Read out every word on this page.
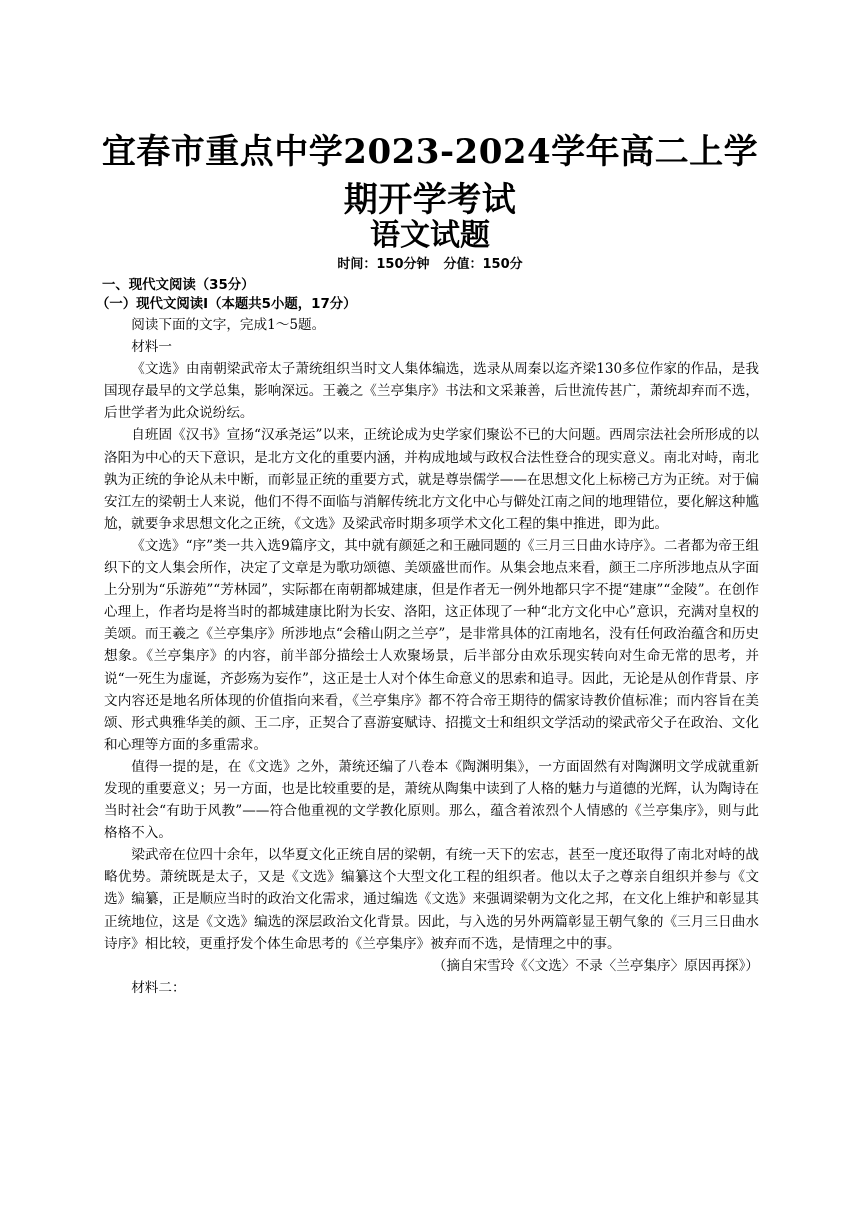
宜春市重点中学2023-2024学年高二上学期开学考试
语文试题
时间：150分钟 分值：150分

一、现代文阅读（35分）

（一）现代文阅读Ⅰ（本题共5小题，17分）

阅读下面的文字，完成1～5题。

材料一

《文选》由南朝梁武帝太子萧统组织当时文人集体编选，选录从周秦以迄齐梁130多位作家的作品，是我国现存最早的文学总集，影响深远。王羲之《兰亭集序》书法和文采兼善，后世流传甚广，萧统却弃而不选，后世学者为此众说纷纭。

自班固《汉书》宣扬“汉承尧运”以来，正统论成为史学家们聚讼不已的大问题。西周宗法社会所形成的以洛阳为中心的天下意识，是北方文化的重要内涵，并构成地域与政权合法性登合的现实意义。南北对峙，南北孰为正统的争论从未中断，而彰显正统的重要方式，就是尊崇儒学——在思想文化上标榜己方为正统。对于偏安江左的梁朝士人来说，他们不得不面临与消解传统北方文化中心与僻处江南之间的地理错位，要化解这种尴尬，就要争求思想文化之正统，《文选》及梁武帝时期多项学术文化工程的集中推进，即为此。

《文选》“序”类一共入选9篇序文，其中就有颜延之和王融同题的《三月三日曲水诗序》。二者都为帝王组织下的文人集会所作，决定了文章是为歌功颂德、美颂盛世而作。从集会地点来看，颜王二序所涉地点从字面上分别为“乐游苑”“芳林园”，实际都在南朝都城建康，但是作者无一例外地都只字不提“建康”“金陵”。在创作心理上，作者均是将当时的都城建康比附为长安、洛阳，这正体现了一种“北方文化中心”意识，充满对皇权的美颂。而王羲之《兰亭集序》所涉地点“会稽山阴之兰亭”，是非常具体的江南地名，没有任何政治蕴含和历史想象。《兰亭集序》的内容，前半部分描绘士人欢聚场景，后半部分由欢乐现实转向对生命无常的思考，并说“一死生为虚诞，齐彭殇为妄作”，这正是士人对个体生命意义的思索和追寻。因此，无论是从创作背景、序文内容还是地名所体现的价值指向来看，《兰亭集序》都不符合帝王期待的儒家诗教价值标准；而内容旨在美颂、形式典雅华美的颜、王二序，正契合了喜游宴赋诗、招揽文士和组织文学活动的梁武帝父子在政治、文化和心理等方面的多重需求。

值得一提的是，在《文选》之外，萧统还编了八卷本《陶渊明集》，一方面固然有对陶渊明文学成就重新发现的重要意义；另一方面，也是比较重要的是，萧统从陶集中读到了人格的魅力与道德的光辉，认为陶诗在当时社会“有助于风教”——符合他重视的文学教化原则。那么，蕴含着浓烈个人情感的《兰亭集序》，则与此格格不入。

梁武帝在位四十余年，以华夏文化正统自居的梁朝，有统一天下的宏志，甚至一度还取得了南北对峙的战略优势。萧统既是太子，又是《文选》编纂这个大型文化工程的组织者。他以太子之尊亲自组织并参与《文选》编纂，正是顺应当时的政治文化需求，通过编选《文选》来强调梁朝为文化之邦，在文化上维护和彰显其正统地位，这是《文选》编选的深层政治文化背景。因此，与入选的另外两篇彰显王朝气象的《三月三日曲水诗序》相比较，更重抒发个体生命思考的《兰亭集序》被弃而不选，是情理之中的事。

（摘自宋雪玲《〈文选〉不录〈兰亭集序〉原因再探》）

材料二：
